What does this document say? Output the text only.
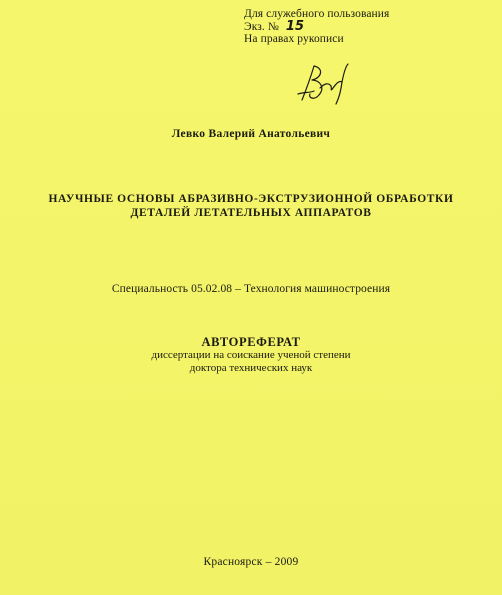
Для служебного пользования
Экз. № 15
На правах рукописи
Левко Валерий Анатольевич
НАУЧНЫЕ ОСНОВЫ АБРАЗИВНО-ЭКСТРУЗИОННОЙ ОБРАБОТКИ
ДЕТАЛЕЙ ЛЕТАТЕЛЬНЫХ АППАРАТОВ
Специальность 05.02.08 – Технология машиностроения
АВТОРЕФЕРАТ
диссертации на соискание ученой степени
доктора технических наук
Красноярск – 2009
